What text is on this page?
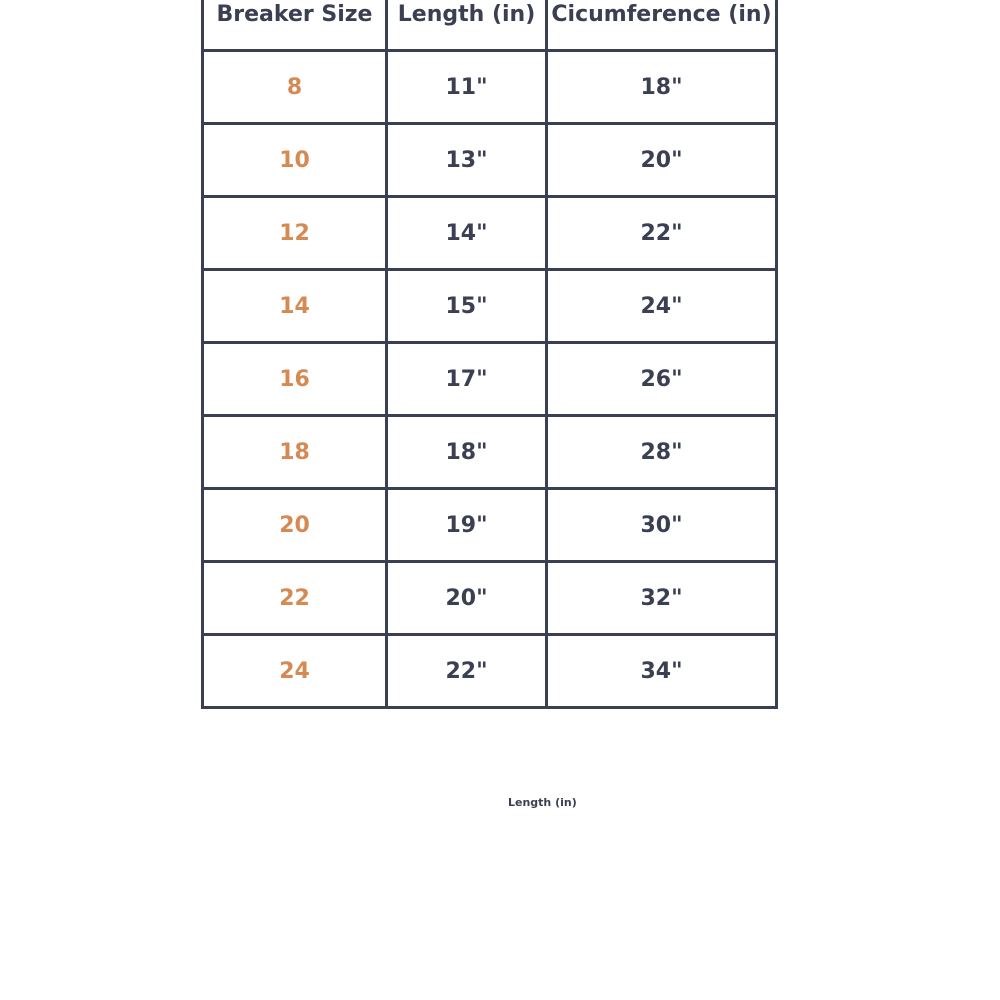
Breaker Size	Length (in)	Cicumference (in)
8	11"	18"
10	13"	20"
12	14"	22"
14	15"	24"
16	17"	26"
18	18"	28"
20	19"	30"
22	20"	32"
24	22"	34"
Length (in)
